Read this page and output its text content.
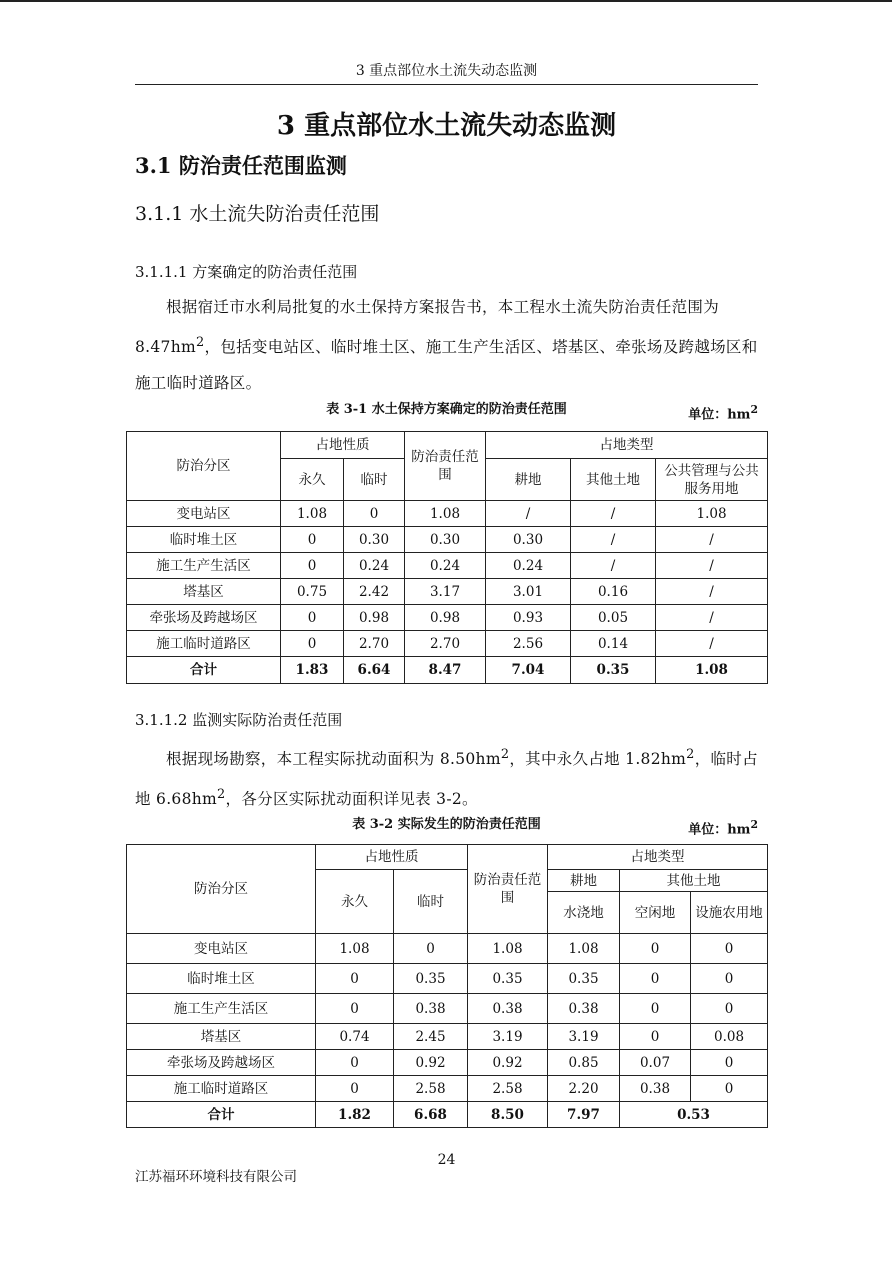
3 重点部位水土流失动态监测
3 重点部位水土流失动态监测
3.1 防治责任范围监测
3.1.1 水土流失防治责任范围
3.1.1.1 方案确定的防治责任范围
根据宿迁市水利局批复的水土保持方案报告书，本工程水土流失防治责任范围为 $8.47hm^2$，包括变电站区、临时堆土区、施工生产生活区、塔基区、牵张场及跨越场区和施工临时道路区。
表 3-1 水土保持方案确定的防治责任范围	单位：$hm^2$
防治分区	占地性质		防治责任范围	占地类型		
	永久	临时		耕地	其他土地	公共管理与公共服务用地
变电站区	1.08	0	1.08	/	/	1.08
临时堆土区	0	0.30	0.30	0.30	/	/
施工生产生活区	0	0.24	0.24	0.24	/	/
塔基区	0.75	2.42	3.17	3.01	0.16	/
牵张场及跨越场区	0	0.98	0.98	0.93	0.05	/
施工临时道路区	0	2.70	2.70	2.56	0.14	/
合计	1.83	6.64	8.47	7.04	0.35	1.08
3.1.1.2 监测实际防治责任范围
根据现场勘察，本工程实际扰动面积为 $8.50hm^2$，其中永久占地 $1.82hm^2$，临时占地 $6.68hm^2$，各分区实际扰动面积详见表 3-2。
表 3-2 实际发生的防治责任范围	单位：$hm^2$
防治分区	占地性质		防治责任范围	占地类型		
	永久	临时		耕地	其他土地	
				水浇地	空闲地	设施农用地
变电站区	1.08	0	1.08	1.08	0	0
临时堆土区	0	0.35	0.35	0.35	0	0
施工生产生活区	0	0.38	0.38	0.38	0	0
塔基区	0.74	2.45	3.19	3.19	0	0.08
牵张场及跨越场区	0	0.92	0.92	0.85	0.07	0
施工临时道路区	0	2.58	2.58	2.20	0.38	0
合计	1.82	6.68	8.50	7.97	0.53	
24
江苏福环环境科技有限公司
